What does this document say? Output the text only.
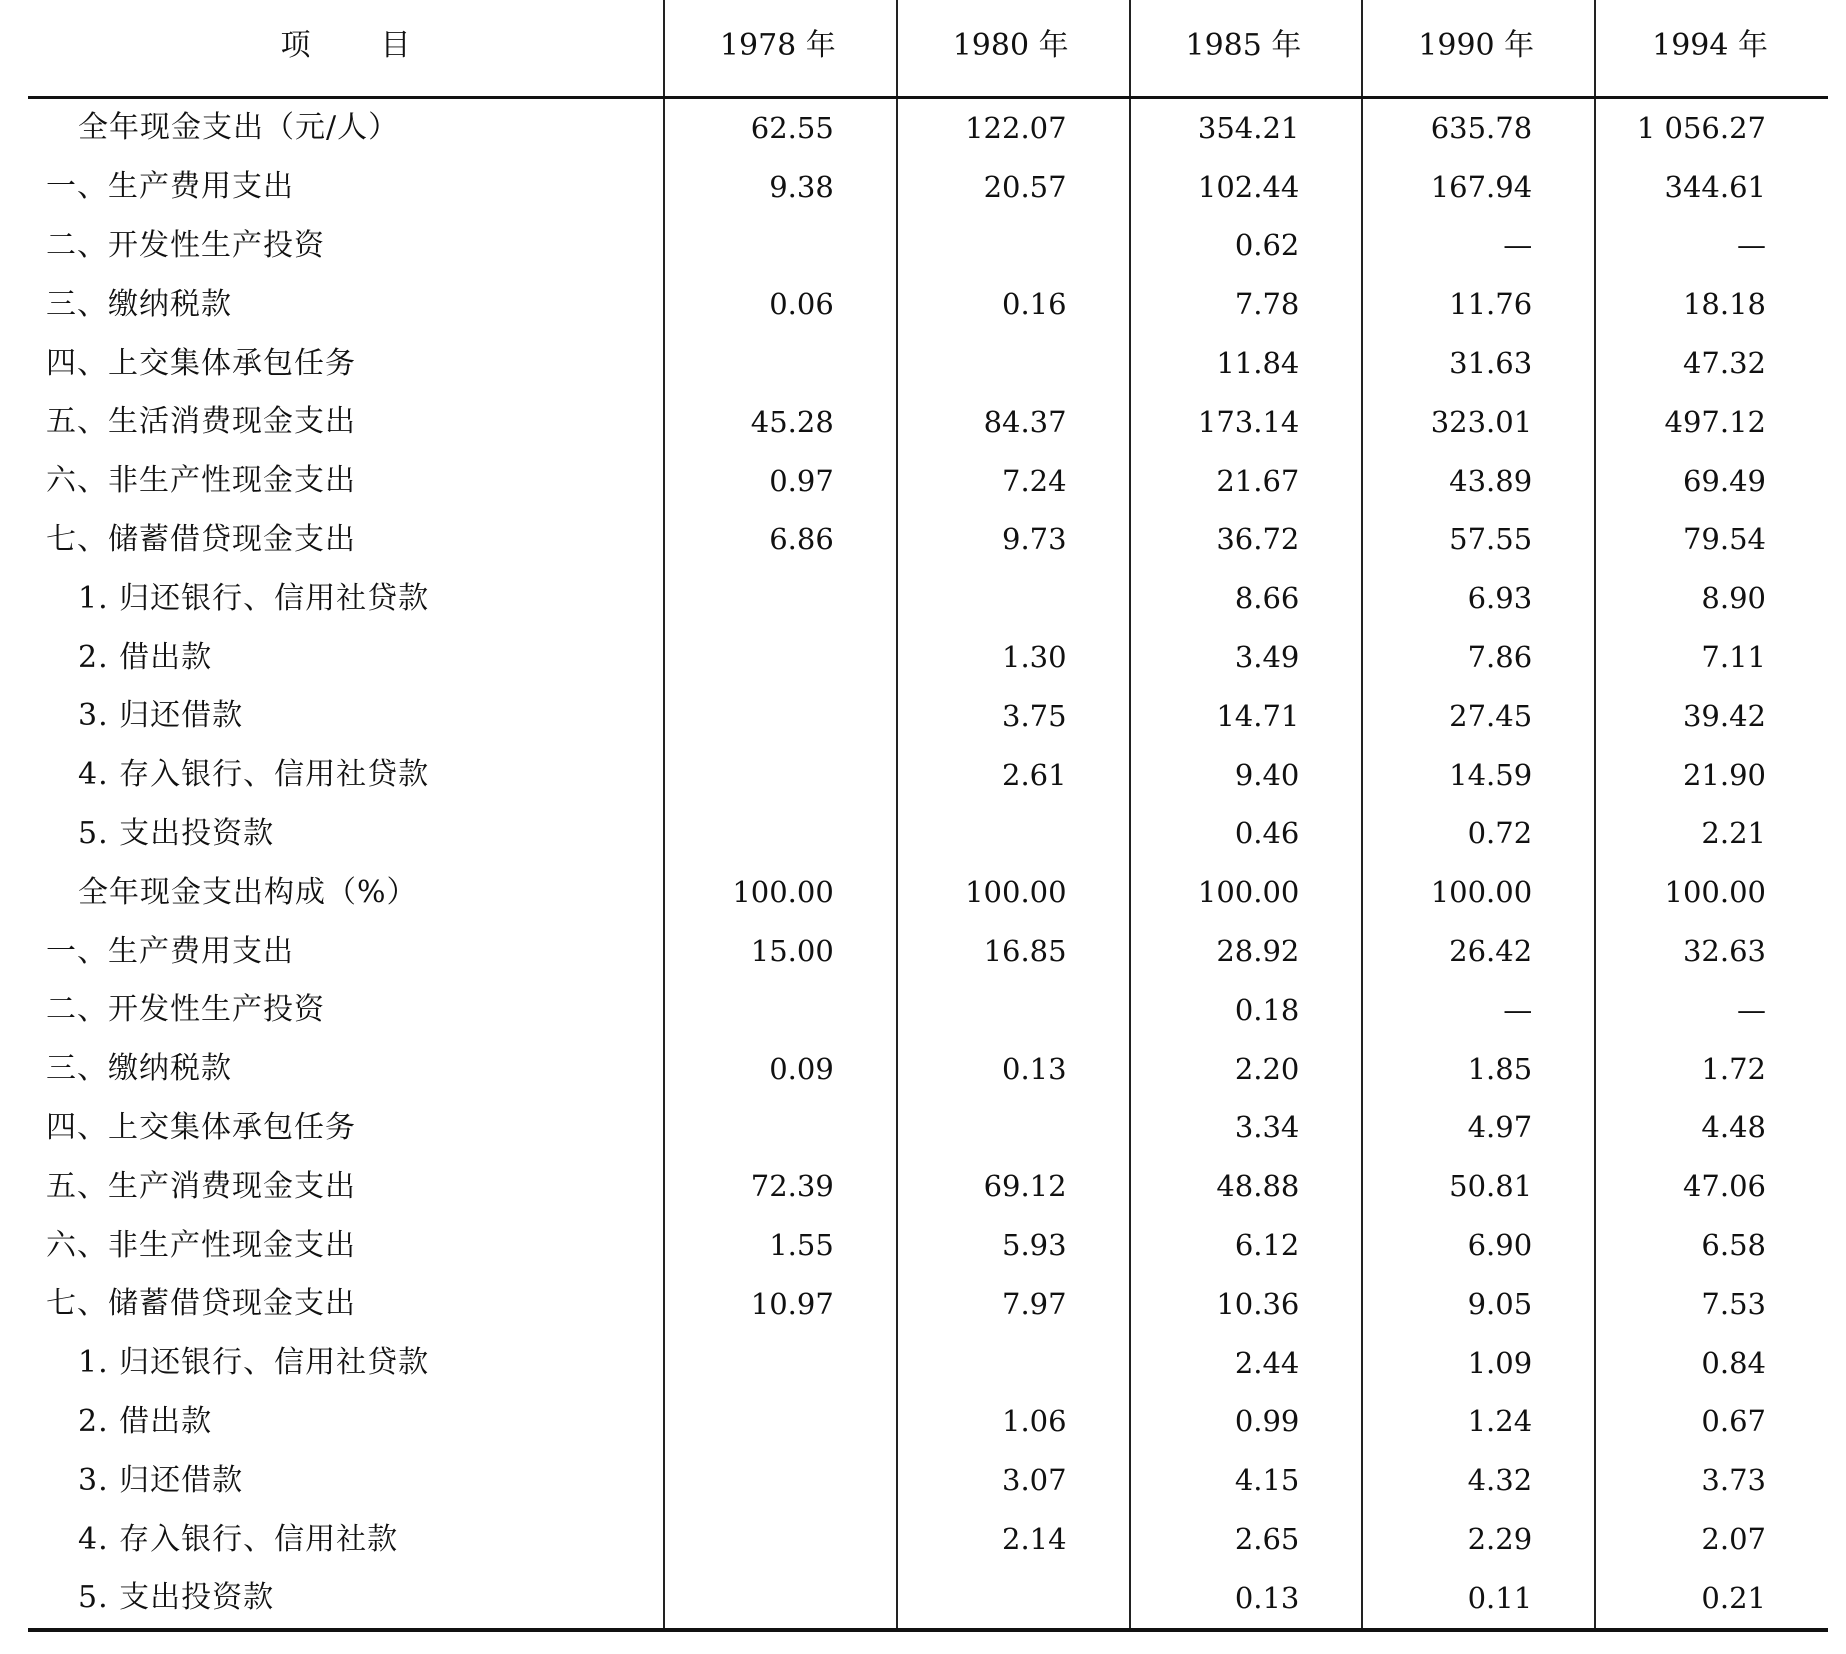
项 目	1978 年	1980 年	1985 年	1990 年	1994 年
全年现金支出（元/人）	62.55	122.07	354.21	635.78	1 056.27
一、生产费用支出	9.38	20.57	102.44	167.94	344.61
二、开发性生产投资			0.62	—	—
三、缴纳税款	0.06	0.16	7.78	11.76	18.18
四、上交集体承包任务			11.84	31.63	47.32
五、生活消费现金支出	45.28	84.37	173.14	323.01	497.12
六、非生产性现金支出	0.97	7.24	21.67	43.89	69.49
七、储蓄借贷现金支出	6.86	9.73	36.72	57.55	79.54
1. 归还银行、信用社贷款			8.66	6.93	8.90
2. 借出款		1.30	3.49	7.86	7.11
3. 归还借款		3.75	14.71	27.45	39.42
4. 存入银行、信用社贷款		2.61	9.40	14.59	21.90
5. 支出投资款			0.46	0.72	2.21
全年现金支出构成（%）	100.00	100.00	100.00	100.00	100.00
一、生产费用支出	15.00	16.85	28.92	26.42	32.63
二、开发性生产投资			0.18	—	—
三、缴纳税款	0.09	0.13	2.20	1.85	1.72
四、上交集体承包任务			3.34	4.97	4.48
五、生产消费现金支出	72.39	69.12	48.88	50.81	47.06
六、非生产性现金支出	1.55	5.93	6.12	6.90	6.58
七、储蓄借贷现金支出	10.97	7.97	10.36	9.05	7.53
1. 归还银行、信用社贷款			2.44	1.09	0.84
2. 借出款		1.06	0.99	1.24	0.67
3. 归还借款		3.07	4.15	4.32	3.73
4. 存入银行、信用社款		2.14	2.65	2.29	2.07
5. 支出投资款			0.13	0.11	0.21
